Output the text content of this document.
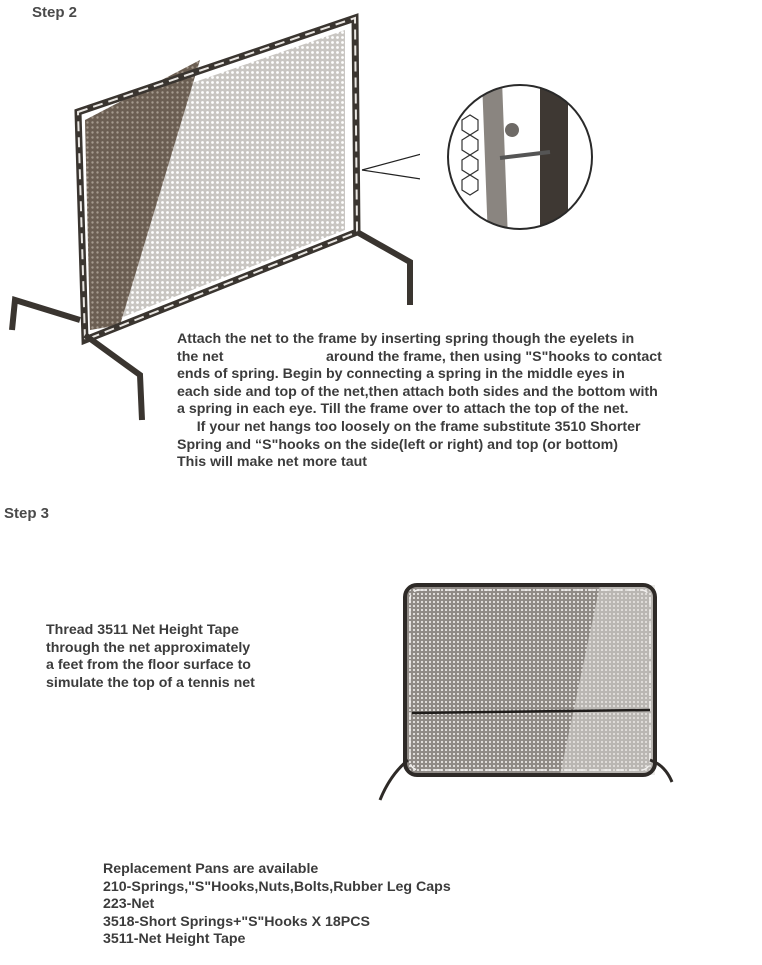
Step 2
Attach the net to the frame by inserting spring though the eyelets in
the net                          around the frame, then using "S"hooks to contact
ends of spring. Begin by connecting a spring in the middle eyes in
each side and top of the net,then attach both sides and the bottom with
a spring in each eye. Till the frame over to attach the top of the net.
If your net hangs too loosely on the frame substitute 3510 Shorter
Spring and “S"hooks on the side(left or right) and top (or bottom)
This will make net more taut
Step 3
Thread 3511 Net Height Tape
through the net approximately
a feet from the floor surface to
simulate the top of a tennis net
Replacement Pans are available
210-Springs,"S"Hooks,Nuts,Bolts,Rubber Leg Caps
223-Net
3518-Short Springs+"S"Hooks X 18PCS
3511-Net Height Tape
